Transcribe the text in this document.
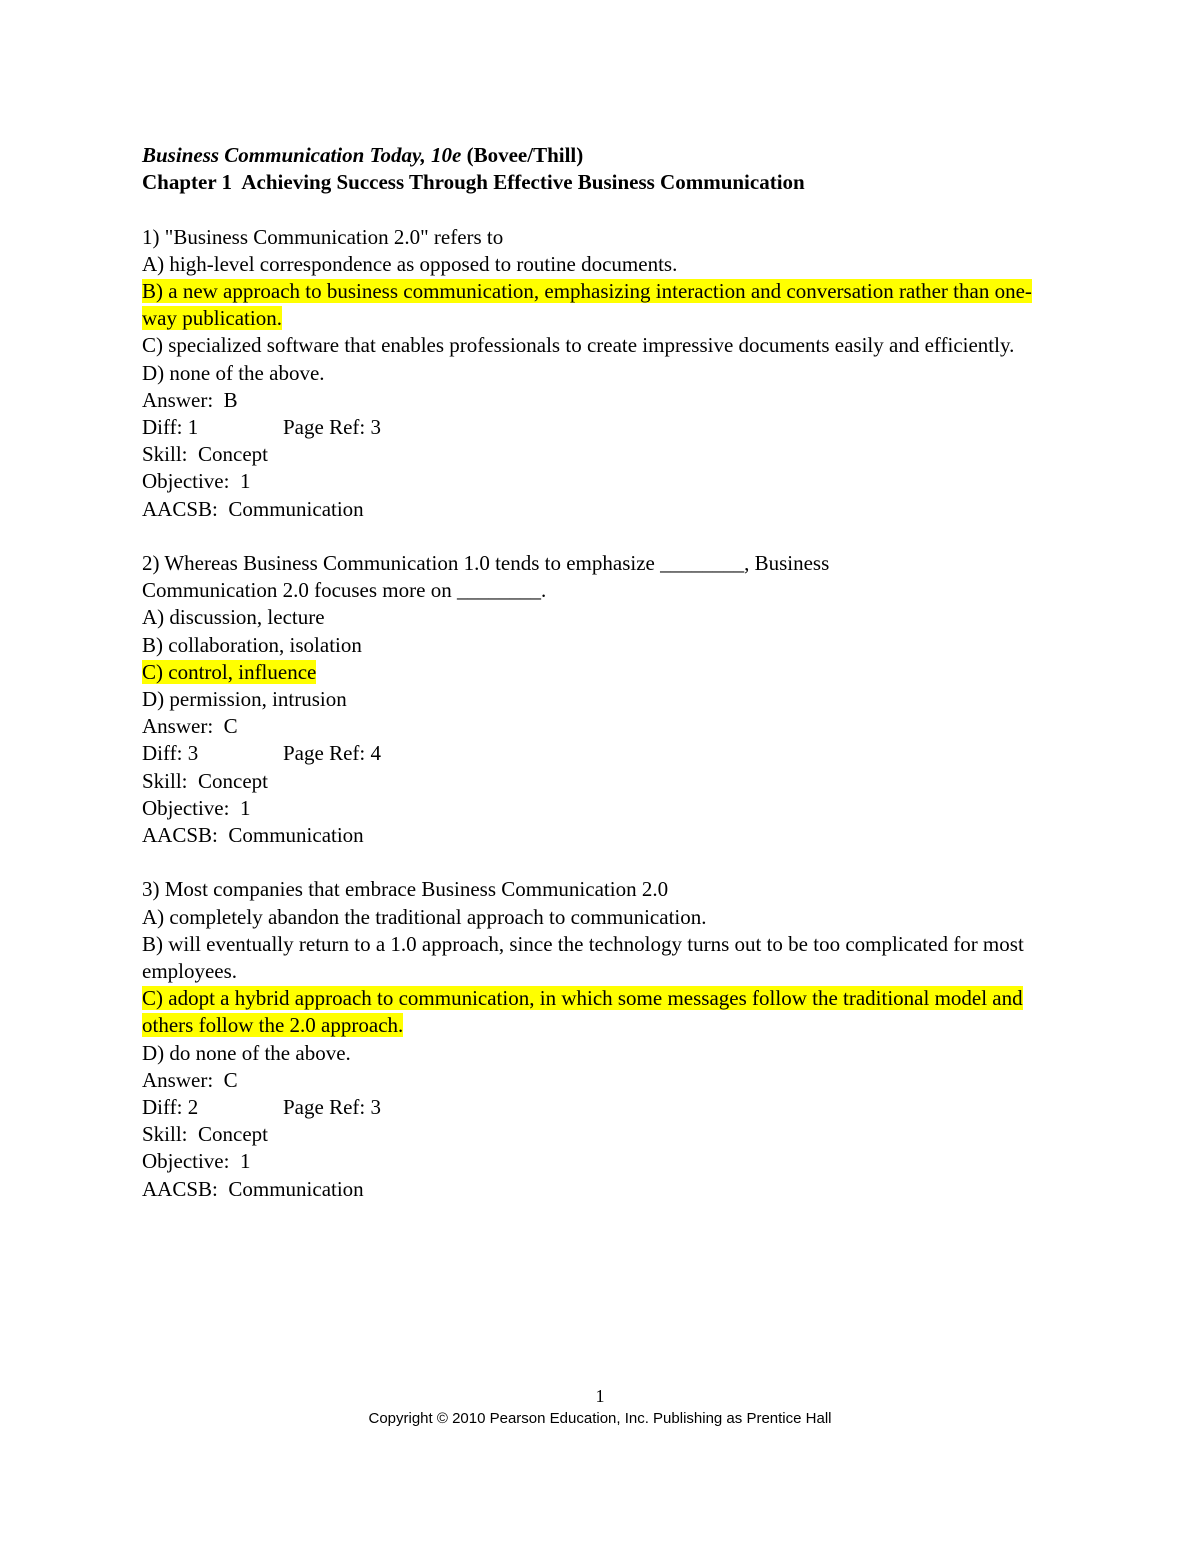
Business Communication Today, 10e (Bovee/Thill)
Chapter 1  Achieving Success Through Effective Business Communication
1) "Business Communication 2.0" refers to
A) high-level correspondence as opposed to routine documents.
B) a new approach to business communication, emphasizing interaction and conversation rather than one-way publication.
C) specialized software that enables professionals to create impressive documents easily and efficiently.
D) none of the above.
Answer:  B
Diff: 1	Page Ref: 3
Skill:  Concept
Objective:  1
AACSB:  Communication
2) Whereas Business Communication 1.0 tends to emphasize ________, Business Communication 2.0 focuses more on ________.
A) discussion, lecture
B) collaboration, isolation
C) control, influence
D) permission, intrusion
Answer:  C
Diff: 3	Page Ref: 4
Skill:  Concept
Objective:  1
AACSB:  Communication
3) Most companies that embrace Business Communication 2.0
A) completely abandon the traditional approach to communication.
B) will eventually return to a 1.0 approach, since the technology turns out to be too complicated for most employees.
C) adopt a hybrid approach to communication, in which some messages follow the traditional model and others follow the 2.0 approach.
D) do none of the above.
Answer:  C
Diff: 2	Page Ref: 3
Skill:  Concept
Objective:  1
AACSB:  Communication
1
Copyright © 2010 Pearson Education, Inc. Publishing as Prentice Hall
